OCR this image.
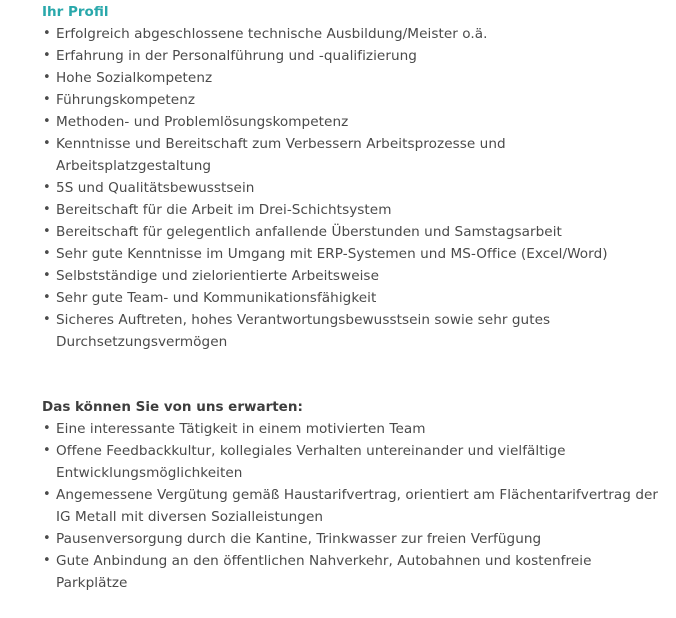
Ihr Profil
• Erfolgreich abgeschlossene technische Ausbildung/Meister o.ä.
• Erfahrung in der Personalführung und -qualifizierung
• Hohe Sozialkompetenz
• Führungskompetenz
• Methoden- und Problemlösungskompetenz
• Kenntnisse und Bereitschaft zum Verbessern Arbeitsprozesse und Arbeitsplatzgestaltung
• 5S und Qualitätsbewusstsein
• Bereitschaft für die Arbeit im Drei-Schichtsystem
• Bereitschaft für gelegentlich anfallende Überstunden und Samstagsarbeit
• Sehr gute Kenntnisse im Umgang mit ERP-Systemen und MS-Office (Excel/Word)
• Selbstständige und zielorientierte Arbeitsweise
• Sehr gute Team- und Kommunikationsfähigkeit
• Sicheres Auftreten, hohes Verantwortungsbewusstsein sowie sehr gutes Durchsetzungsvermögen
Das können Sie von uns erwarten:
• Eine interessante Tätigkeit in einem motivierten Team
• Offene Feedbackkultur, kollegiales Verhalten untereinander und vielfältige Entwicklungsmöglichkeiten
• Angemessene Vergütung gemäß Haustarifvertrag, orientiert am Flächentarifvertrag der IG Metall mit diversen Sozialleistungen
• Pausenversorgung durch die Kantine, Trinkwasser zur freien Verfügung
• Gute Anbindung an den öffentlichen Nahverkehr, Autobahnen und kostenfreie Parkplätze
